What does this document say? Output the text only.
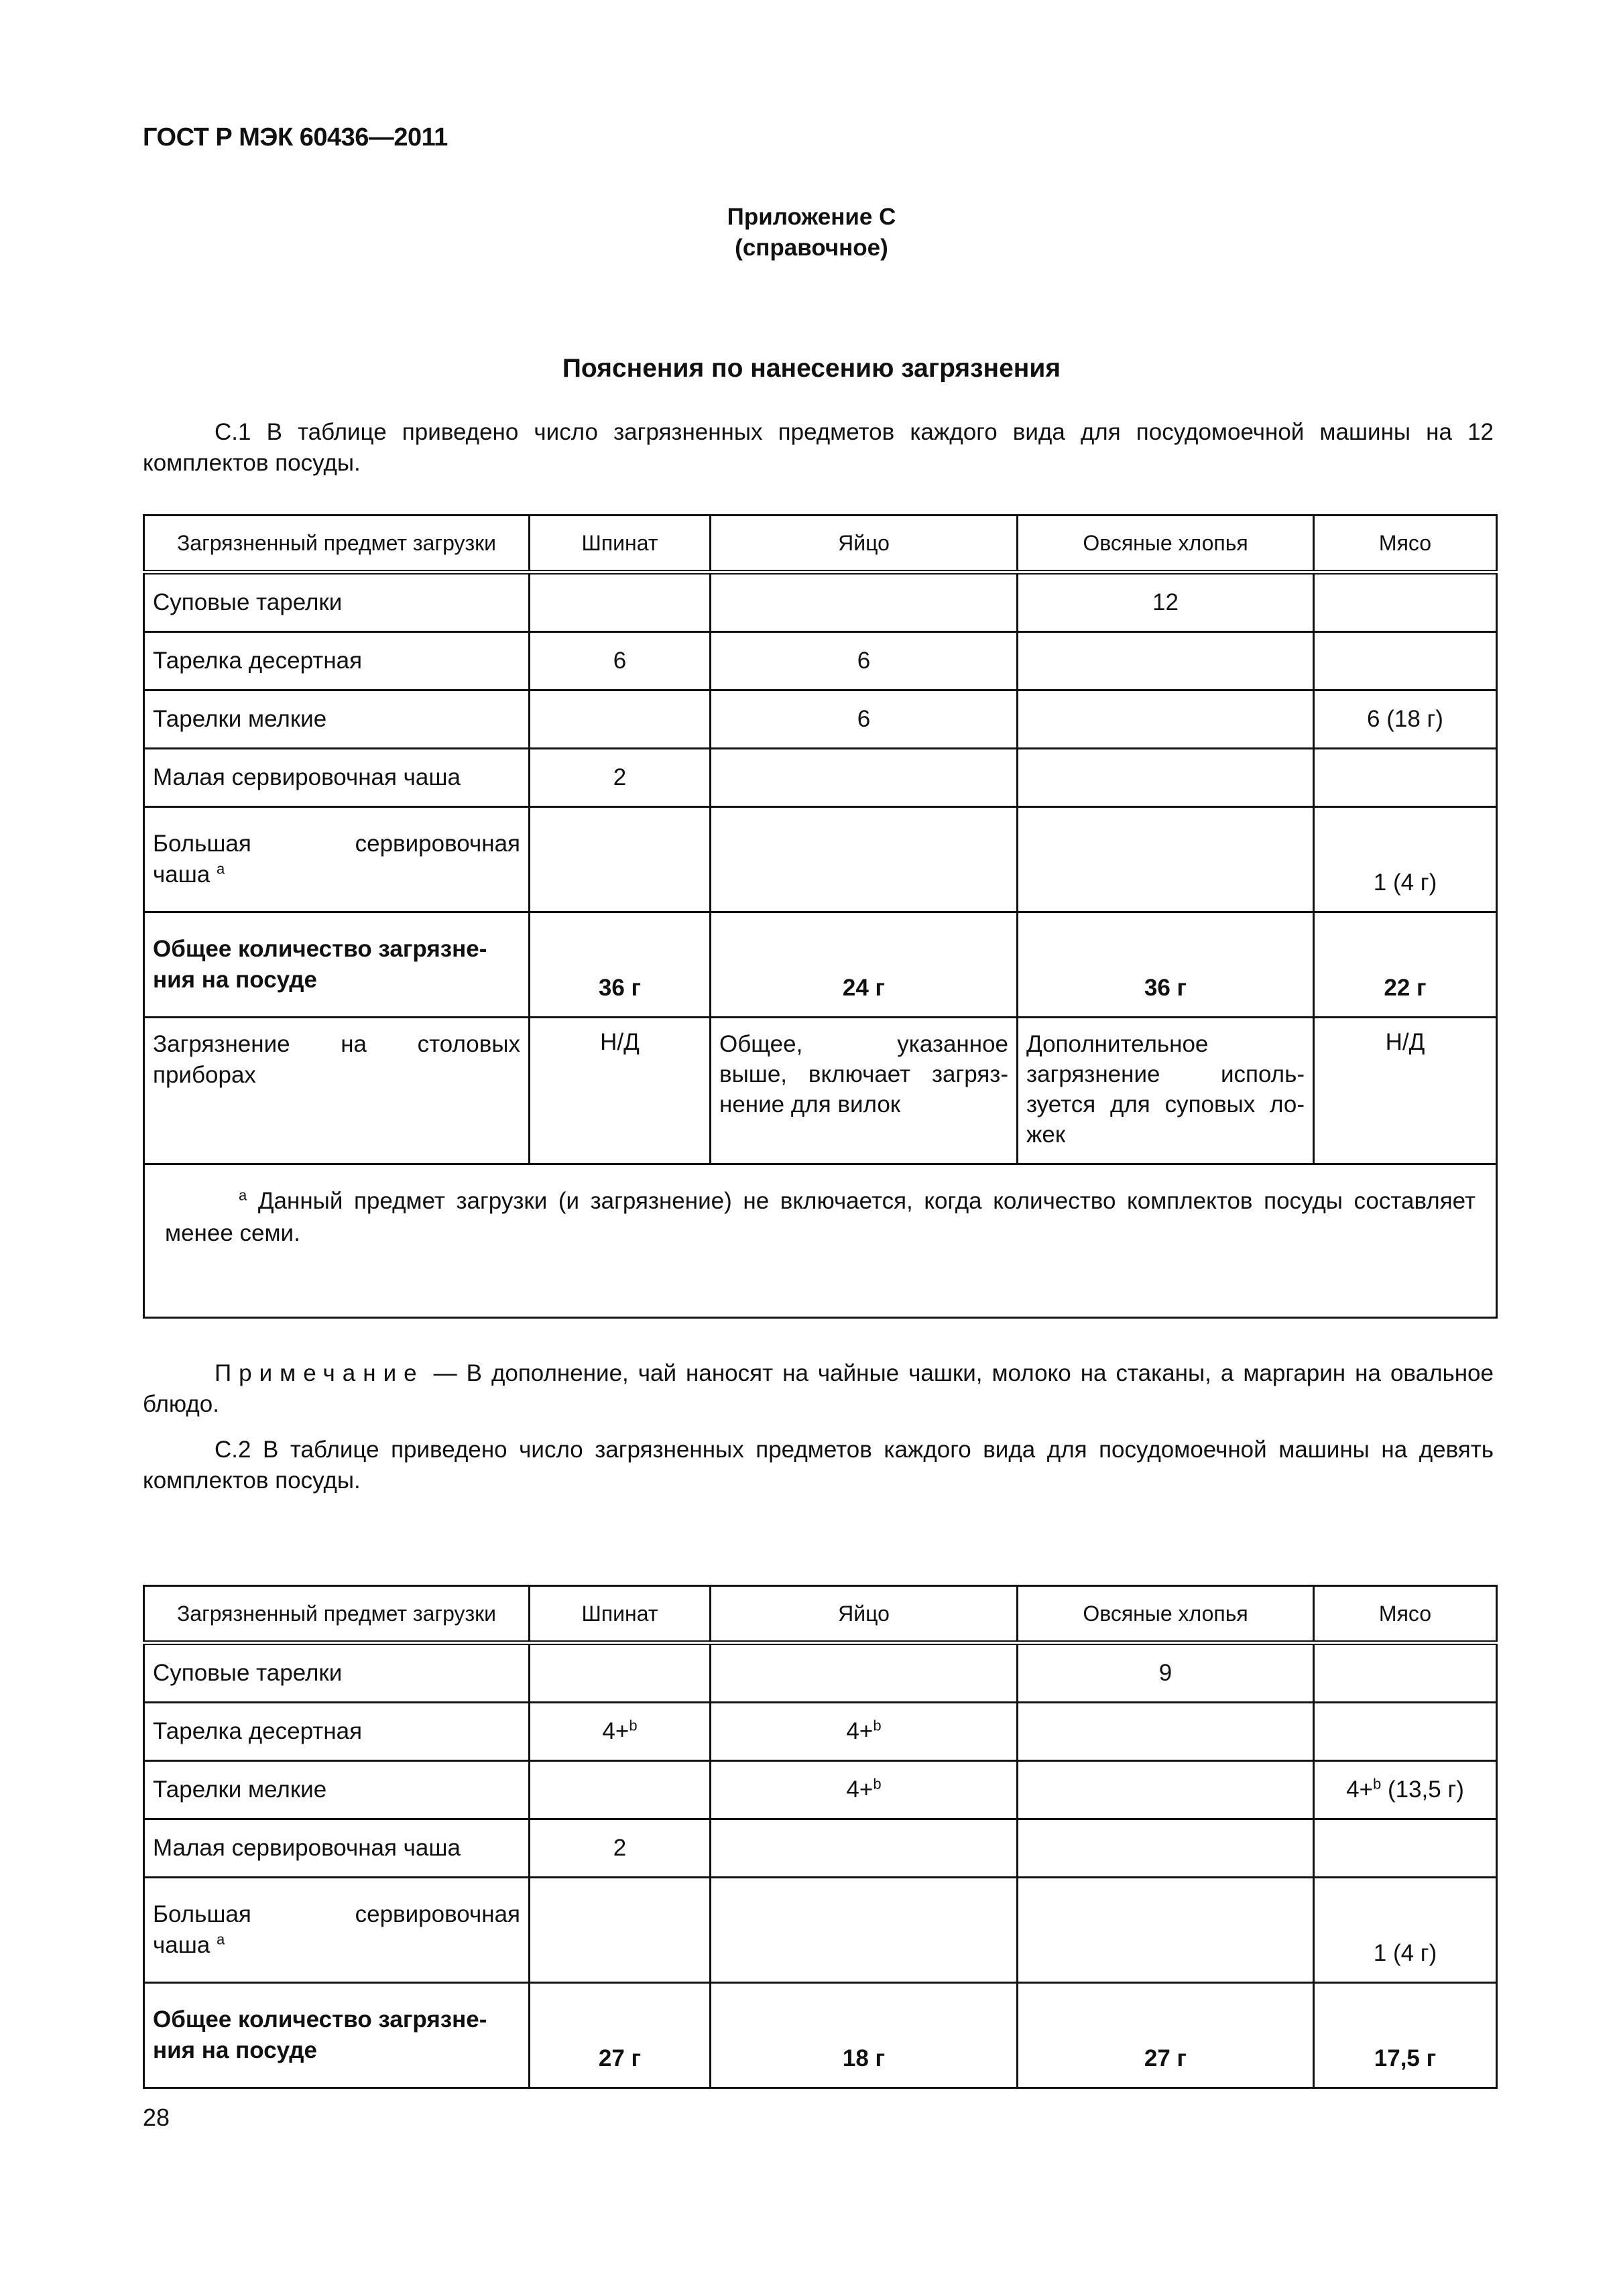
ГОСТ Р МЭК 60436—2011
Приложение С
(справочное)
Пояснения по нанесению загрязнения
С.1 В таблице приведено число загрязненных предметов каждого вида для посудомоечной машины на 12 комплектов посуды.
Загрязненный предмет загрузки	Шпинат	Яйцо	Овсяные хлопья	Мясо
Суповые тарелки			12	
Тарелка десертная	6	6		
Тарелки мелкие		6		6 (18 г)
Малая сервировочная чаша	2			

Большая сервировочная
чаша $^a$				1 (4 г)

Общее количество загрязне-
ния на посуде	36 г	24 г	36 г	22 г

Загрязнение на столовых
приборах	Н/Д	Общее, указанное
выше, включает загряз-
нение для вилок	Дополнительное
загрязнение исполь-
зуется для суповых ло-
жек	Н/Д
$^a$ Данный предмет загрузки (и загрязнение) не включается, когда количество комплектов посуды составляет менее семи.				
Примечание — В дополнение, чай наносят на чайные чашки, молоко на стаканы, а маргарин на овальное блюдо.
С.2 В таблице приведено число загрязненных предметов каждого вида для посудомоечной машины на девять комплектов посуды.
Загрязненный предмет загрузки	Шпинат	Яйцо	Овсяные хлопья	Мясо
Суповые тарелки			9	
Тарелка десертная	4+$^b$	4+$^b$		
Тарелки мелкие		4+$^b$		4+$^b$ (13,5 г)
Малая сервировочная чаша	2			

Большая сервировочная
чаша $^a$				1 (4 г)

Общее количество загрязне-
ния на посуде	27 г	18 г	27 г	17,5 г
28
